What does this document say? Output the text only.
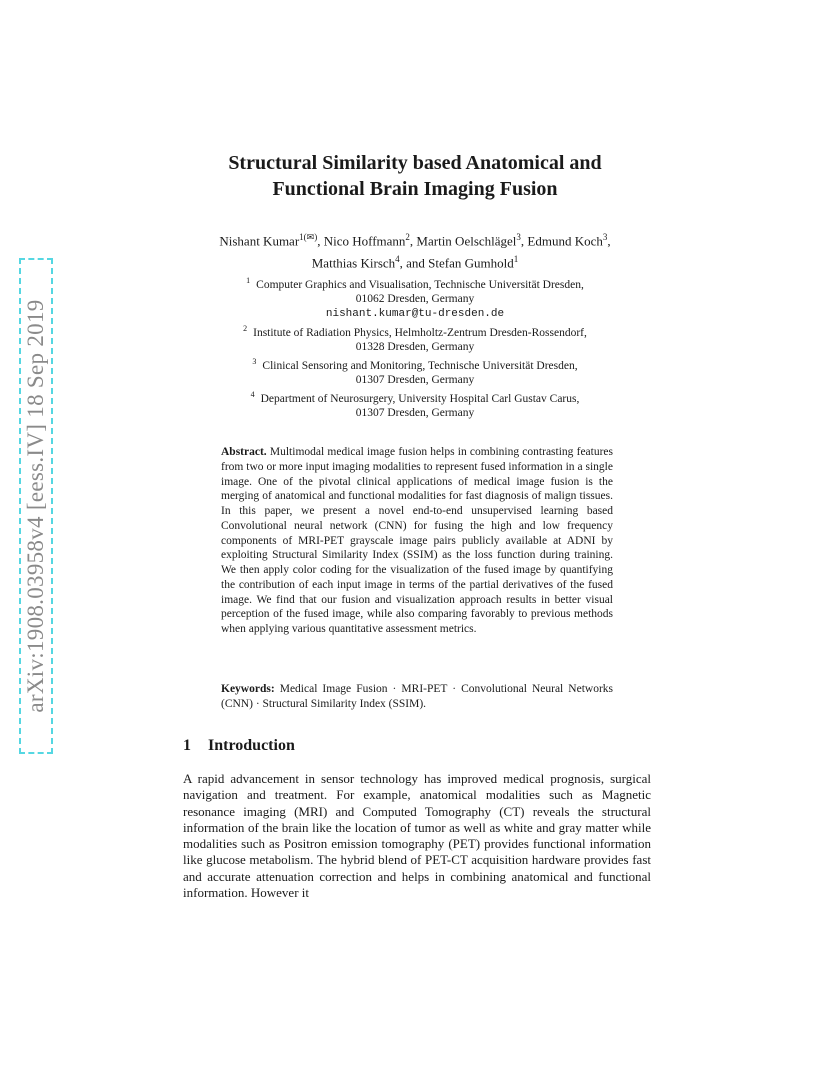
arXiv:1908.03958v4 [eess.IV] 18 Sep 2019
Structural Similarity based Anatomical and
Functional Brain Imaging Fusion
Nishant Kumar$^{1(✉)}$, Nico Hoffmann$^2$, Martin Oelschlägel$^3$, Edmund Koch$^3$,
Matthias Kirsch$^4$, and Stefan Gumhold$^1$
$^1$ Computer Graphics and Visualisation, Technische Universität Dresden,
01062 Dresden, Germany
nishant.kumar@tu-dresden.de
$^2$ Institute of Radiation Physics, Helmholtz-Zentrum Dresden-Rossendorf,
01328 Dresden, Germany
$^3$ Clinical Sensoring and Monitoring, Technische Universität Dresden,
01307 Dresden, Germany
$^4$ Department of Neurosurgery, University Hospital Carl Gustav Carus,
01307 Dresden, Germany
Abstract. Multimodal medical image fusion helps in combining contrasting features from two or more input imaging modalities to represent fused information in a single image. One of the pivotal clinical applications of medical image fusion is the merging of anatomical and functional modalities for fast diagnosis of malign tissues. In this paper, we present a novel end-to-end unsupervised learning based Convolutional neural network (CNN) for fusing the high and low frequency components of MRI-PET grayscale image pairs publicly available at ADNI by exploiting Structural Similarity Index (SSIM) as the loss function during training. We then apply color coding for the visualization of the fused image by quantifying the contribution of each input image in terms of the partial derivatives of the fused image. We find that our fusion and visualization approach results in better visual perception of the fused image, while also comparing favorably to previous methods when applying various quantitative assessment metrics.
Keywords: Medical Image Fusion · MRI-PET · Convolutional Neural Networks (CNN) · Structural Similarity Index (SSIM).
1 Introduction
A rapid advancement in sensor technology has improved medical prognosis, surgical navigation and treatment. For example, anatomical modalities such as Magnetic resonance imaging (MRI) and Computed Tomography (CT) reveals the structural information of the brain like the location of tumor as well as white and gray matter while modalities such as Positron emission tomography (PET) provides functional information like glucose metabolism. The hybrid blend of PET-CT acquisition hardware provides fast and accurate attenuation correction and helps in combining anatomical and functional information. However it
